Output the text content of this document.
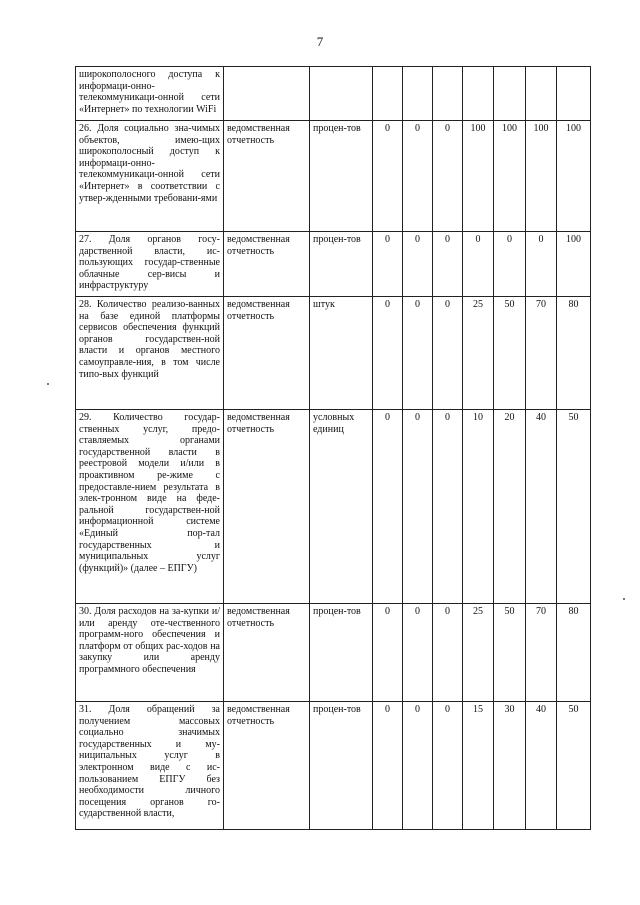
7
широкополосного доступа к информаци-онно-телекоммуникаци-онной сети «Интернет» по технологии WiFi									
26. Доля социально зна-чимых объектов, имею-щих широкополосный доступ к информаци-онно-телекоммуникаци-онной сети «Интернет» в соответствии с утвер-жденными требовани-ями	ведомственная отчетность	процен-тов	0	0	0	100	100	100	100
27. Доля органов госу-дарственной власти, ис-пользующих государ-ственные облачные сер-висы и инфраструктуру	ведомственная отчетность	процен-тов	0	0	0	0	0	0	100
28. Количество реализо-ванных на базе единой платформы сервисов обеспечения функций органов государствен-ной власти и органов местного самоуправле-ния, в том числе типо-вых функций	ведомственная отчетность	штук	0	0	0	25	50	70	80
29. Количество государ-ственных услуг, предо-ставляемых органами государственной власти в реестровой модели и/или в проактивном ре-жиме с предоставле-нием результата в элек-тронном виде на феде-ральной государствен-ной информационной системе «Единый пор-тал государственных и муниципальных услуг (функций)» (далее – ЕПГУ)	ведомственная отчетность	условных единиц	0	0	0	10	20	40	50
30. Доля расходов на за-купки и/или аренду оте-чественного программ-ного обеспечения и платформ от общих рас-ходов на закупку или аренду программного обеспечения	ведомственная отчетность	процен-тов	0	0	0	25	50	70	80
31. Доля обращений за получением массовых социально значимых государственных и му-ниципальных услуг в электронном виде с ис-пользованием ЕПГУ без необходимости личного посещения органов го-сударственной власти,	ведомственная отчетность	процен-тов	0	0	0	15	30	40	50
